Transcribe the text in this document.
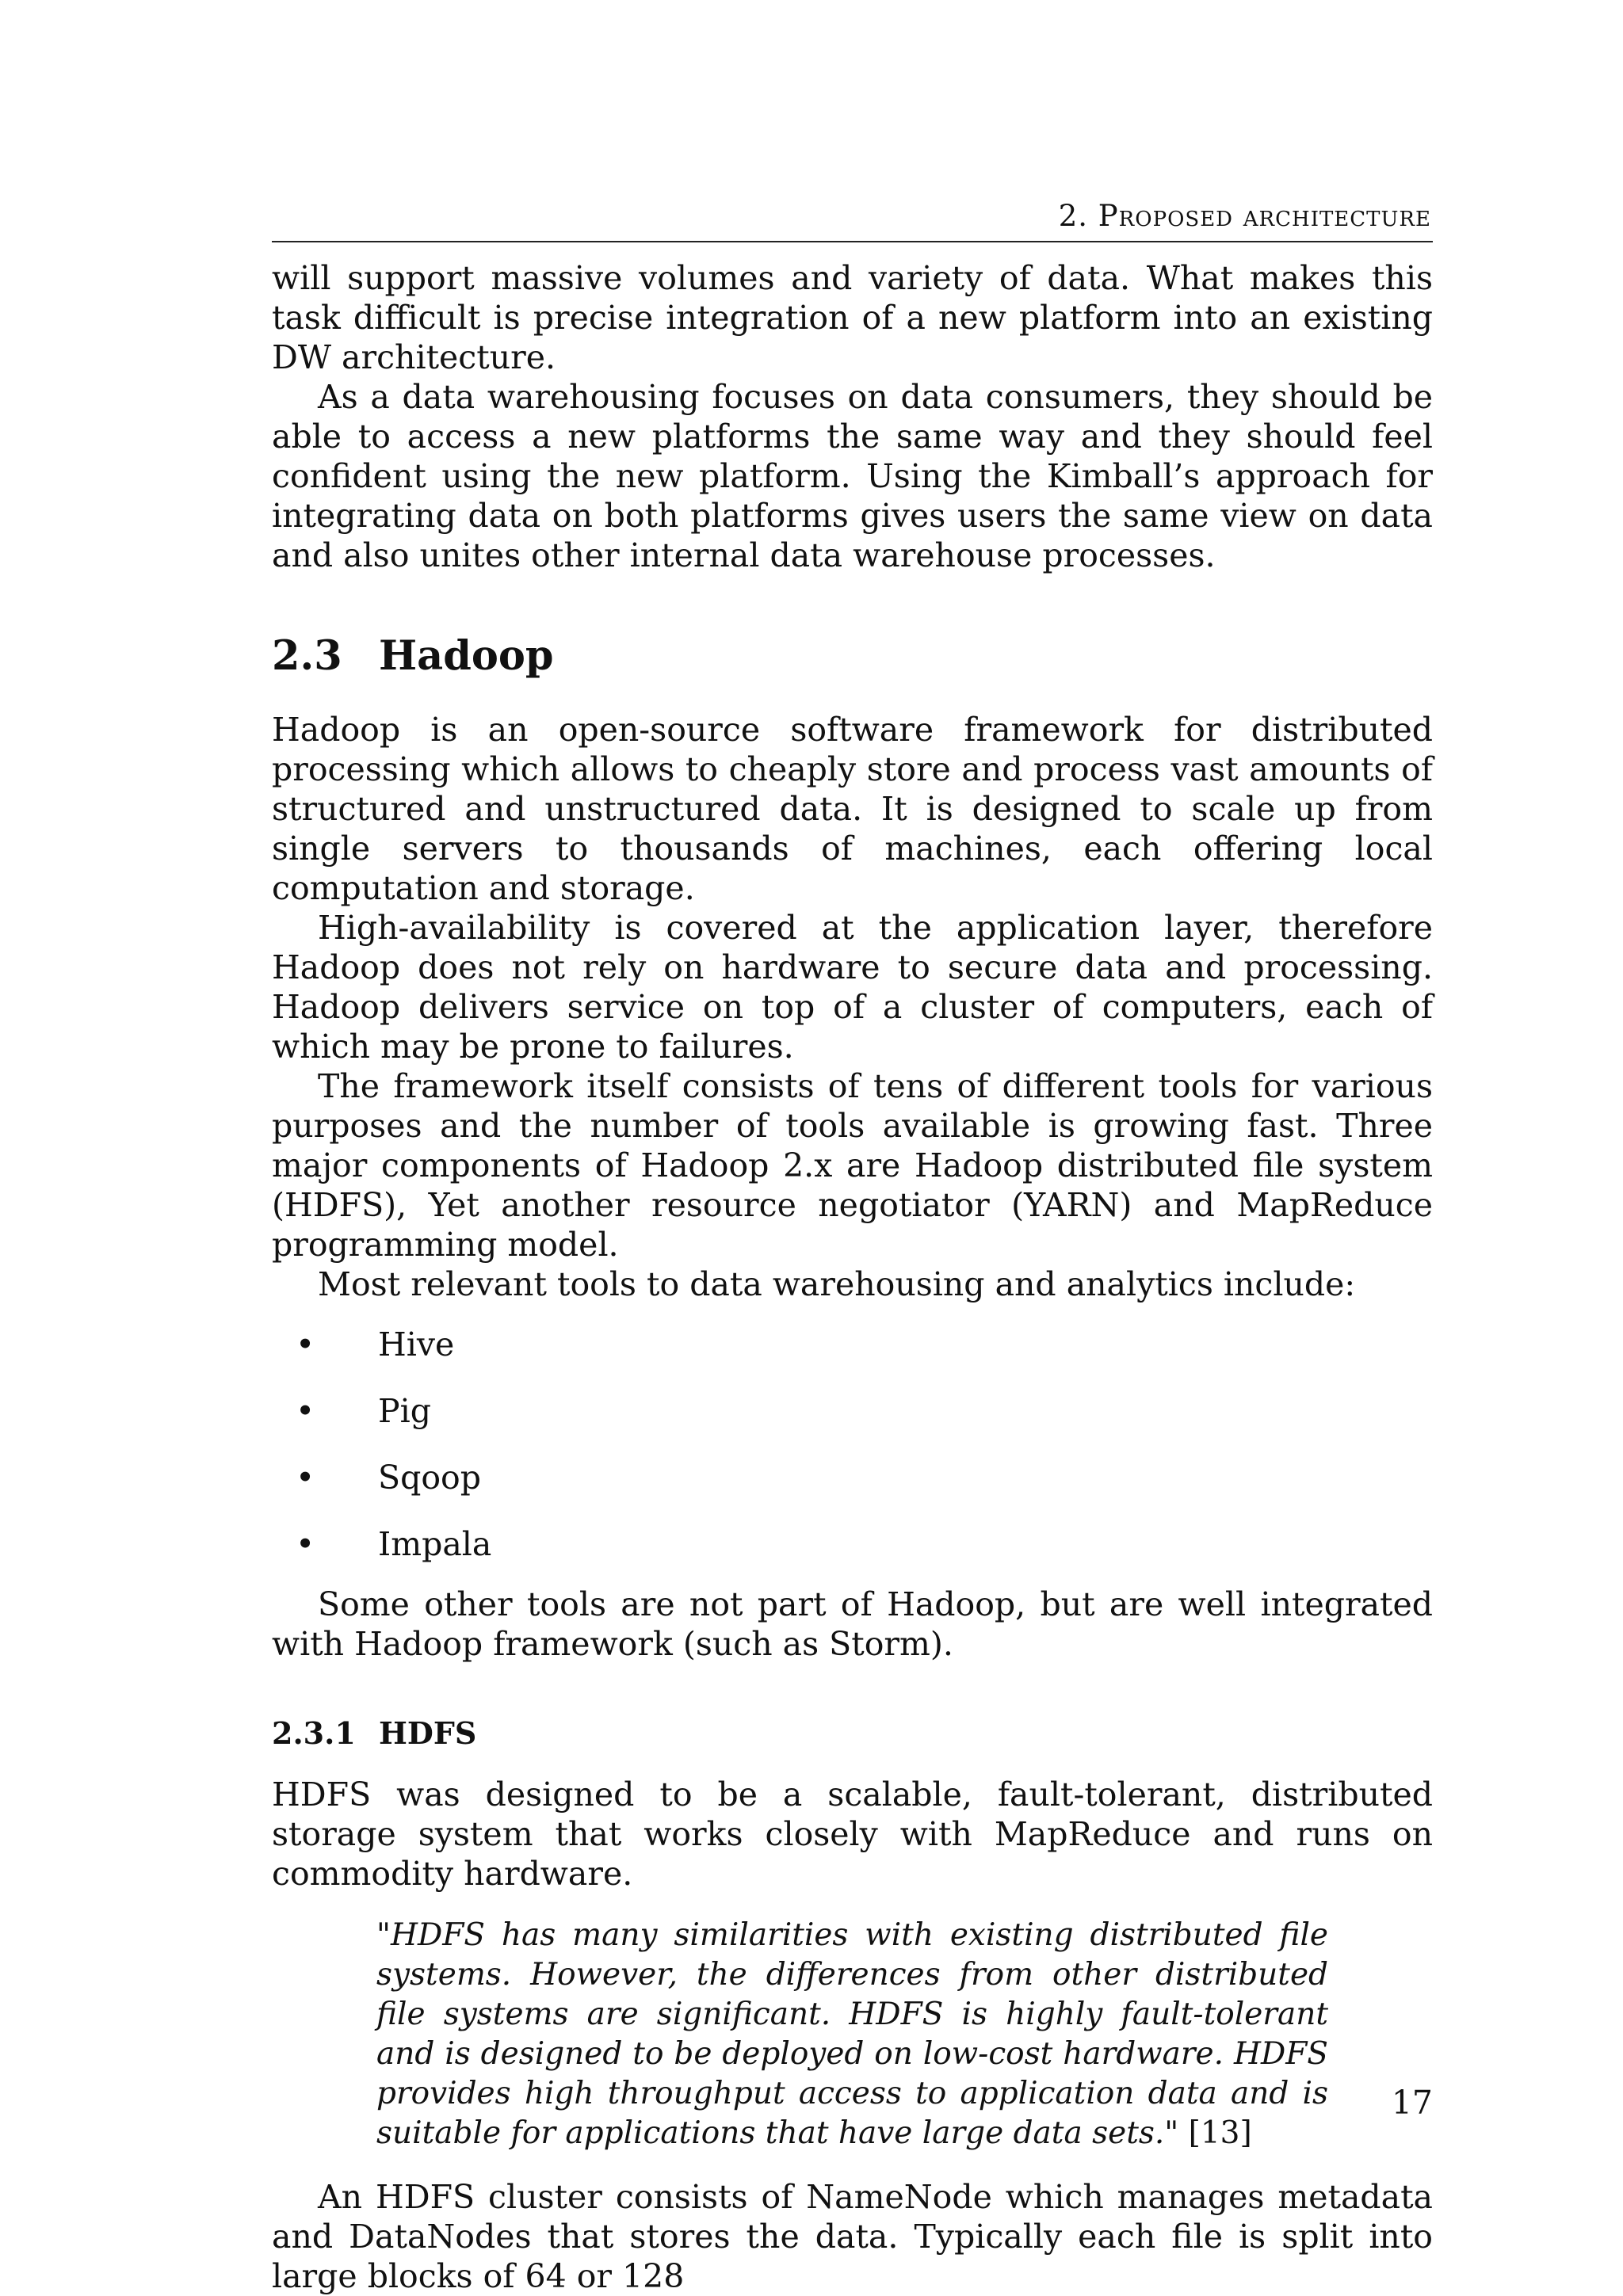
2. Proposed architecture

will support massive volumes and variety of data. What makes this task difficult is precise integration of a new platform into an existing DW architecture.

As a data warehousing focuses on data consumers, they should be able to access a new platforms the same way and they should feel confident using the new platform. Using the Kimball’s approach for integrating data on both platforms gives users the same view on data and also unites other internal data warehouse processes.

2.3 Hadoop

Hadoop is an open-source software framework for distributed processing which allows to cheaply store and process vast amounts of structured and unstructured data. It is designed to scale up from single servers to thousands of machines, each offering local computation and storage.

High-availability is covered at the application layer, therefore Hadoop does not rely on hardware to secure data and processing. Hadoop delivers service on top of a cluster of computers, each of which may be prone to failures.

The framework itself consists of tens of different tools for various purposes and the number of tools available is growing fast. Three major components of Hadoop 2.x are Hadoop distributed file system (HDFS), Yet another resource negotiator (YARN) and MapReduce programming model.

Most relevant tools to data warehousing and analytics include:

•	Hive
•	Pig
•	Sqoop
•	Impala

Some other tools are not part of Hadoop, but are well integrated with Hadoop framework (such as Storm).

2.3.1 HDFS

HDFS was designed to be a scalable, fault-tolerant, distributed storage system that works closely with MapReduce and runs on commodity hardware.

"HDFS has many similarities with existing distributed file systems. However, the differences from other distributed file systems are significant. HDFS is highly fault-tolerant and is designed to be deployed on low-cost hardware. HDFS provides high throughput access to application data and is suitable for applications that have large data sets." [13]

An HDFS cluster consists of NameNode which manages metadata and DataNodes that stores the data. Typically each file is split into large blocks of 64 or 128

17
